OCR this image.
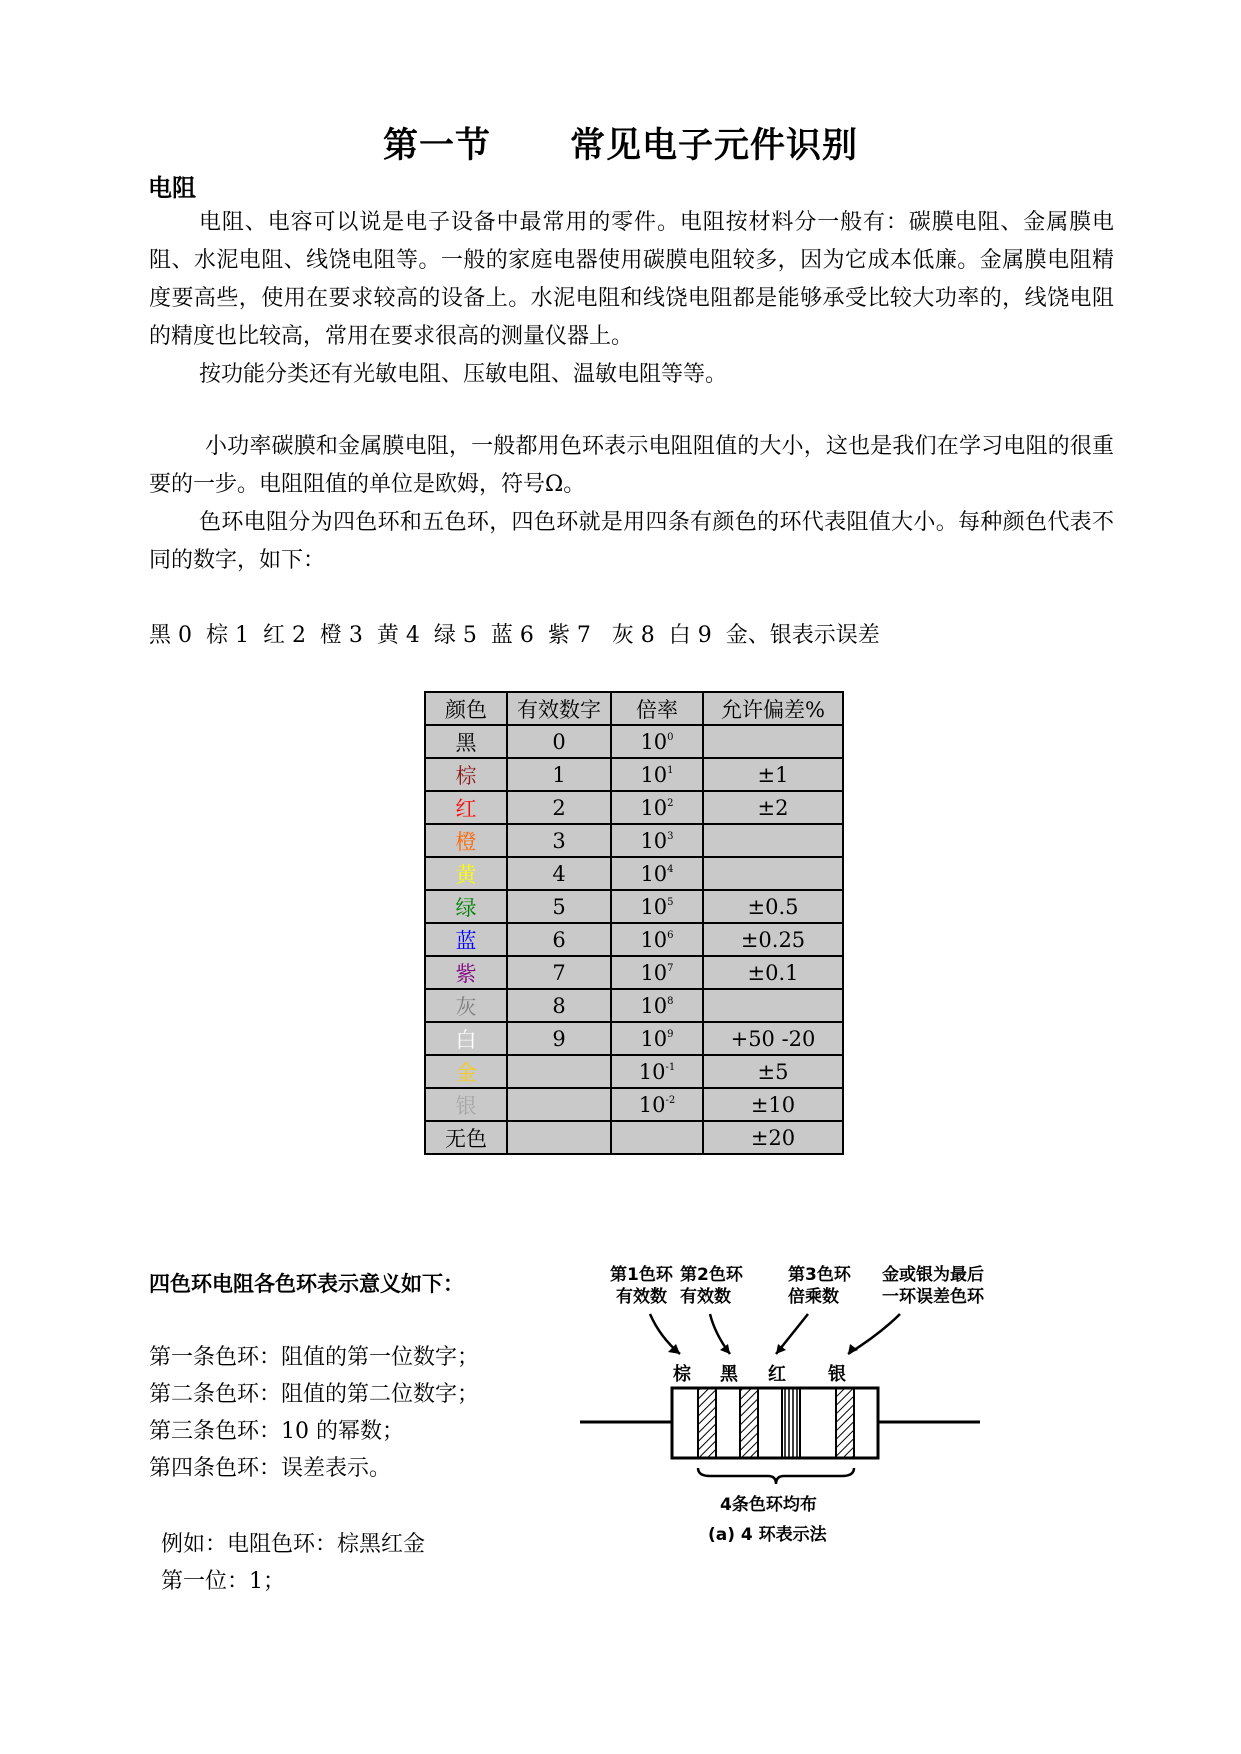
第一节      常见电子元件识别
电阻

电阻、电容可以说是电子设备中最常用的零件。电阻按材料分一般有：碳膜电阻、金属膜电阻、水泥电阻、线饶电阻等。一般的家庭电器使用碳膜电阻较多，因为它成本低廉。金属膜电阻精度要高些，使用在要求较高的设备上。水泥电阻和线饶电阻都是能够承受比较大功率的，线饶电阻的精度也比较高，常用在要求很高的测量仪器上。

按功能分类还有光敏电阻、压敏电阻、温敏电阻等等。

小功率碳膜和金属膜电阻，一般都用色环表示电阻阻值的大小，这也是我们在学习电阻的很重要的一步。电阻阻值的单位是欧姆，符号Ω。

色环电阻分为四色环和五色环，四色环就是用四条有颜色的环代表阻值大小。每种颜色代表不同的数字，如下：

黑 0  棕 1  红 2  橙 3  黄 4  绿 5  蓝 6  紫 7   灰 8  白 9  金、银表示误差

颜色	有效数字	倍率	允许偏差%
黑	0	$10^0$	
棕	1	$10^1$	±1
红	2	$10^2$	±2
橙	3	$10^3$	
黄	4	$10^4$	
绿	5	$10^5$	±0.5
蓝	6	$10^6$	±0.25
紫	7	$10^7$	±0.1
灰	8	$10^8$	
白	9	$10^9$	+50 -20
金		$10^{-1}$	±5
银		$10^{-2}$	±10
无色			±20

四色环电阻各色环表示意义如下：

第一条色环：阻值的第一位数字；

第二条色环：阻值的第二位数字；

第三条色环：10 的幂数；

第四条色环：误差表示。

例如：电阻色环：棕黑红金

第一位：1；

第1色环
有效数
第2色环
有效数
第3色环
倍乘数
金或银为最后
一环误差色环
棕 黑 红 银
4条色环均布
(a) 4 环表示法
